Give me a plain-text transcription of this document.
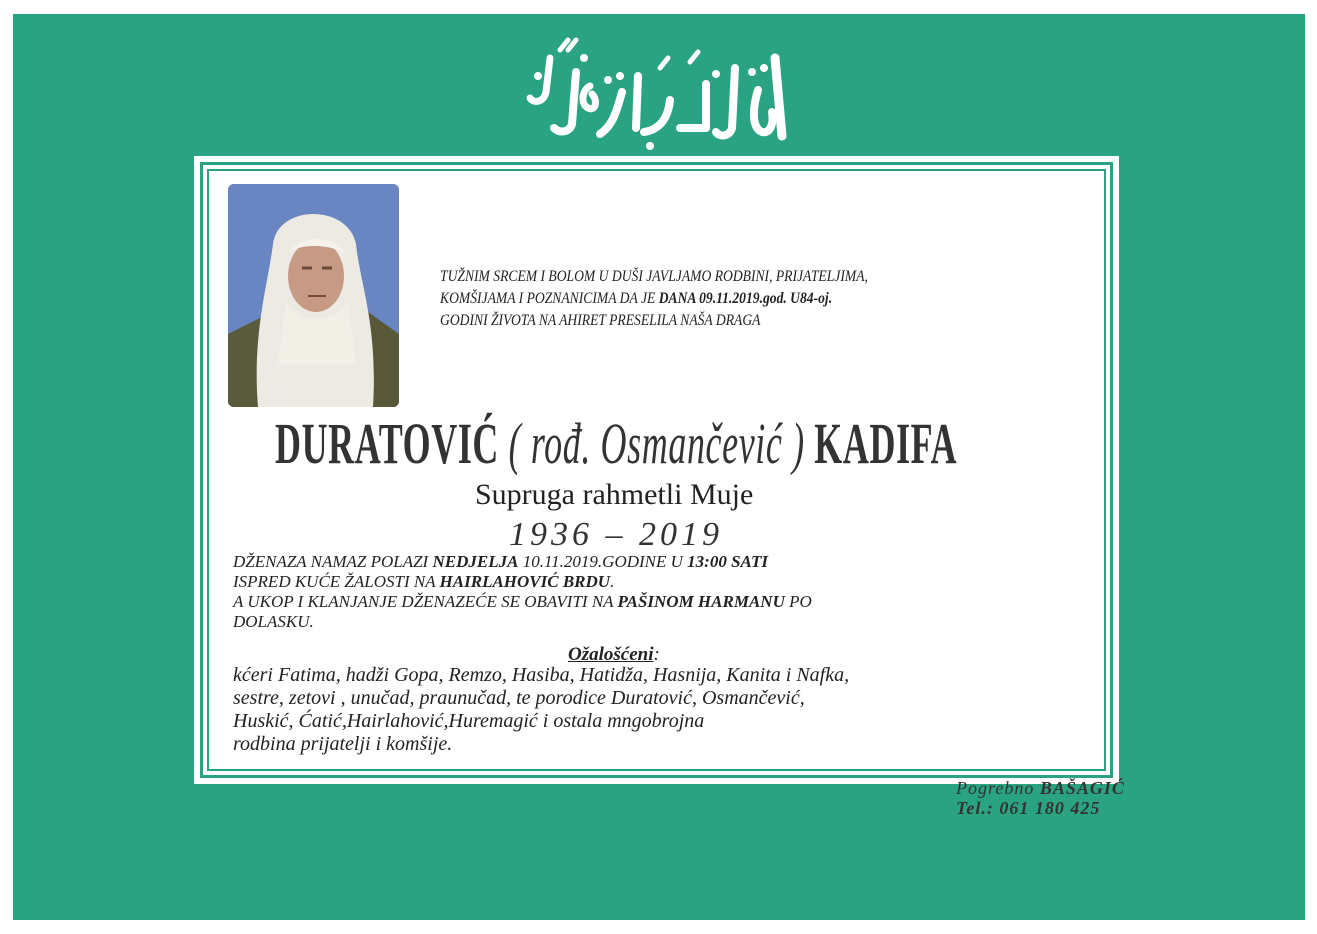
TUŽNIM SRCEM I BOLOM U DUŠI JAVLJAMO RODBINI, PRIJATELJIMA,
KOMŠIJAMA I POZNANICIMA DA JE DANA 09.11.2019.god. U84-oj.
GODINI ŽIVOTA NA AHIRET PRESELILA NAŠA DRAGA
DURATOVIĆ ( rođ. Osmančević ) KADIFA
Supruga rahmetli Muje
1936 – 2019
DŽENAZA NAMAZ POLAZI NEDJELJA 10.11.2019.GODINE U 13:00 SATI
ISPRED KUĆE ŽALOSTI NA HAIRLAHOVIĆ BRDU.
A UKOP I KLANJANJE DŽENAZEĆE SE OBAVITI NA PAŠINOM HARMANU PO
DOLASKU.
Ožalošćeni:
kćeri Fatima, hadži Gopa, Remzo, Hasiba, Hatidža, Hasnija, Kanita i Nafka,
sestre, zetovi , unučad, praunučad, te porodice Duratović, Osmančević,
Huskić, Ćatić,Hairlahović,Huremagić i ostala mngobrojna
rodbina prijatelji i komšije.
Pogrebno BAŠAGIĆ
Tel.: 061 180 425
